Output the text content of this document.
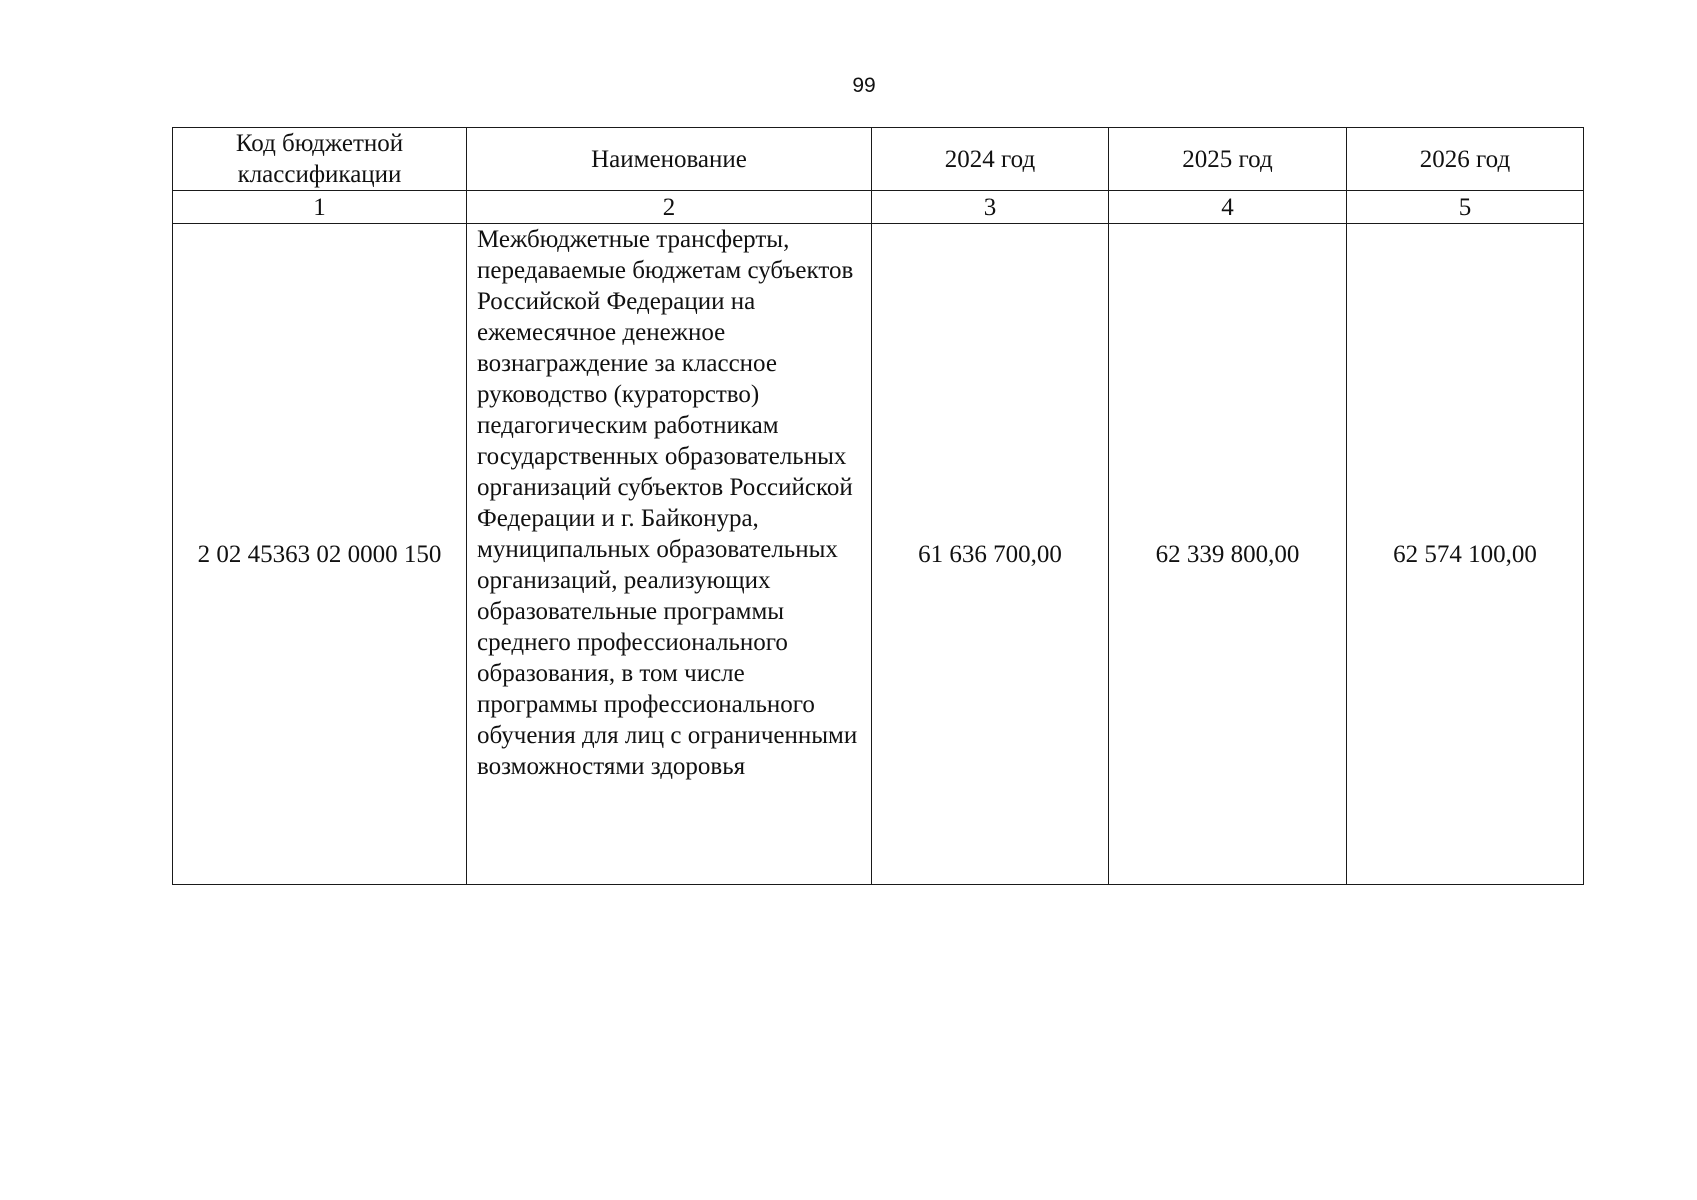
99
Код бюджетной классификации	Наименование	2024 год	2025 год	2026 год
1	2	3	4	5
2 02 45363 02 0000 150	Межбюджетные трансферты, передаваемые бюджетам субъектов Российской Федерации на ежемесячное денежное вознаграждение за классное руководство (кураторство) педагогическим работникам государственных образовательных организаций субъектов Российской Федерации и г. Байконура, муниципальных образовательных организаций, реализующих образовательные программы среднего профессионального образования, в том числе программы профессионального обучения для лиц с ограниченными возможностями здоровья	61 636 700,00	62 339 800,00	62 574 100,00
